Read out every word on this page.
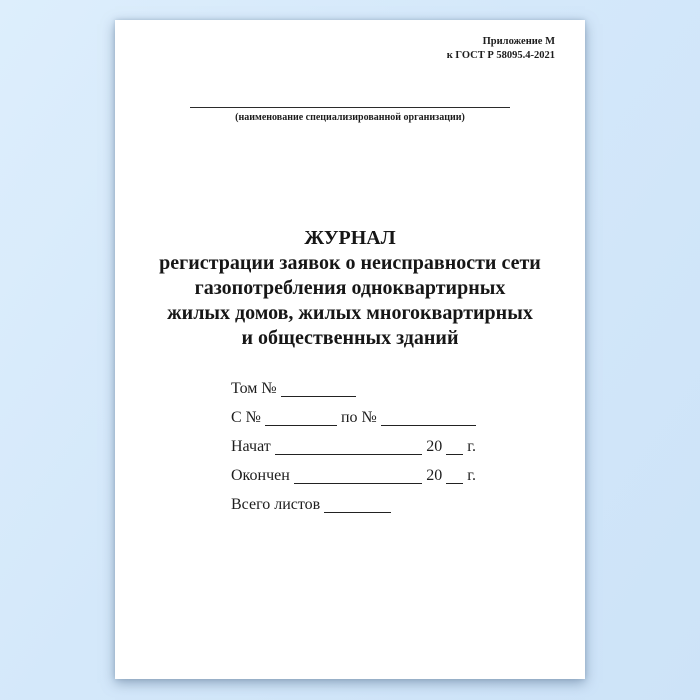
Приложение М
к ГОСТ Р 58095.4-2021
(наименование специализированной организации)
ЖУРНАЛ
регистрации заявок о неисправности сети
газопотребления одноквартирных
жилых домов, жилых многоквартирных
и общественных зданий
Том №
С №	по №
Начат	20 г.
Окончен	20 г.
Всего листов
